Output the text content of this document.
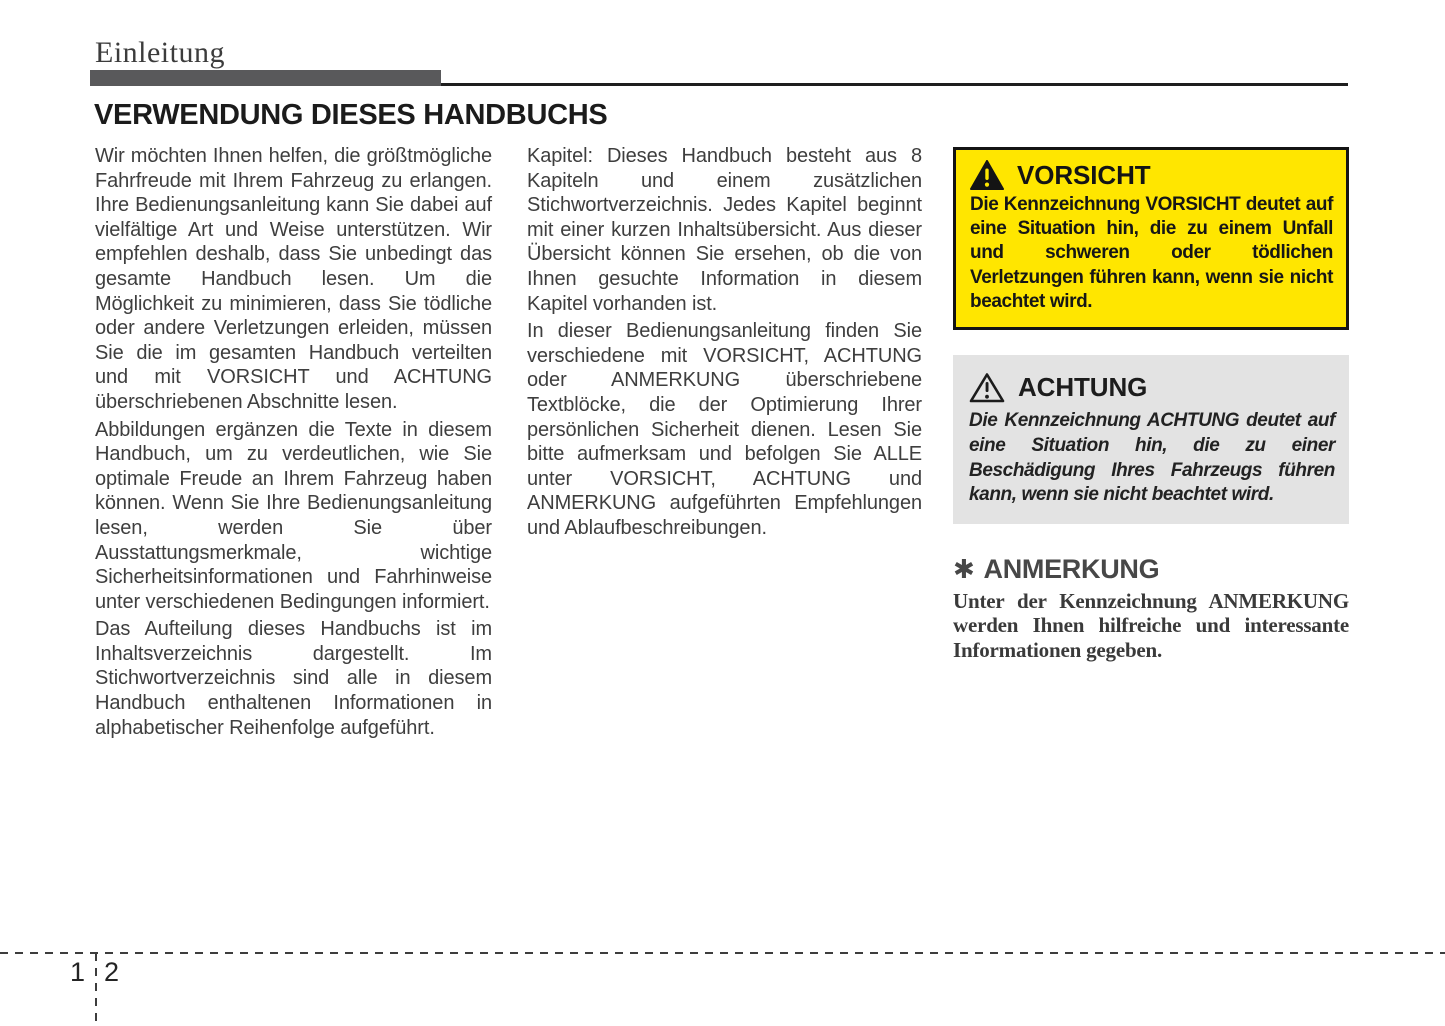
Einleitung
VERWENDUNG DIESES HANDBUCHS

Wir möchten Ihnen helfen, die größtmögliche Fahrfreude mit Ihrem Fahrzeug zu erlangen. Ihre Bedienungsanleitung kann Sie dabei auf vielfältige Art und Weise unterstützen. Wir empfehlen deshalb, dass Sie unbedingt das gesamte Handbuch lesen. Um die Möglichkeit zu minimieren, dass Sie tödliche oder andere Verletzungen erleiden, müssen Sie die im gesamten Handbuch verteilten und mit VORSICHT und ACHTUNG überschriebenen Abschnitte lesen.

Abbildungen ergänzen die Texte in diesem Handbuch, um zu verdeutlichen, wie Sie optimale Freude an Ihrem Fahrzeug haben können. Wenn Sie Ihre Bedienungsanleitung lesen, werden Sie über Ausstattungsmerkmale, wichtige Sicherheitsinformationen und Fahrhinweise unter verschiedenen Bedingungen informiert.

Das Aufteilung dieses Handbuchs ist im Inhaltsverzeichnis dargestellt. Im Stichwortverzeichnis sind alle in diesem Handbuch enthaltenen Informationen in alphabetischer Reihenfolge aufgeführt.

Kapitel: Dieses Handbuch besteht aus 8 Kapiteln und einem zusätzlichen Stichwortverzeichnis. Jedes Kapitel beginnt mit einer kurzen Inhaltsübersicht. Aus dieser Übersicht können Sie ersehen, ob die von Ihnen gesuchte Information in diesem Kapitel vorhanden ist.

In dieser Bedienungsanleitung finden Sie verschiedene mit VORSICHT, ACHTUNG oder ANMERKUNG überschriebene Textblöcke, die der Optimierung Ihrer persönlichen Sicherheit dienen. Lesen Sie bitte aufmerksam und befolgen Sie ALLE unter VORSICHT, ACHTUNG und ANMERKUNG aufgeführten Empfehlungen und Ablaufbeschreibungen.

VORSICHT
Die Kennzeichnung VORSICHT deutet auf eine Situation hin, die zu einem Unfall und schweren oder tödlichen Verletzungen führen kann, wenn sie nicht beachtet wird.
ACHTUNG
Die Kennzeichnung ACHTUNG deutet auf eine Situation hin, die zu einer Beschädigung Ihres Fahrzeugs führen kann, wenn sie nicht beachtet wird.
✱ ANMERKUNG
Unter der Kennzeichnung ANMERKUNG werden Ihnen hilfreiche und interessante Informationen gegeben.
1 2
